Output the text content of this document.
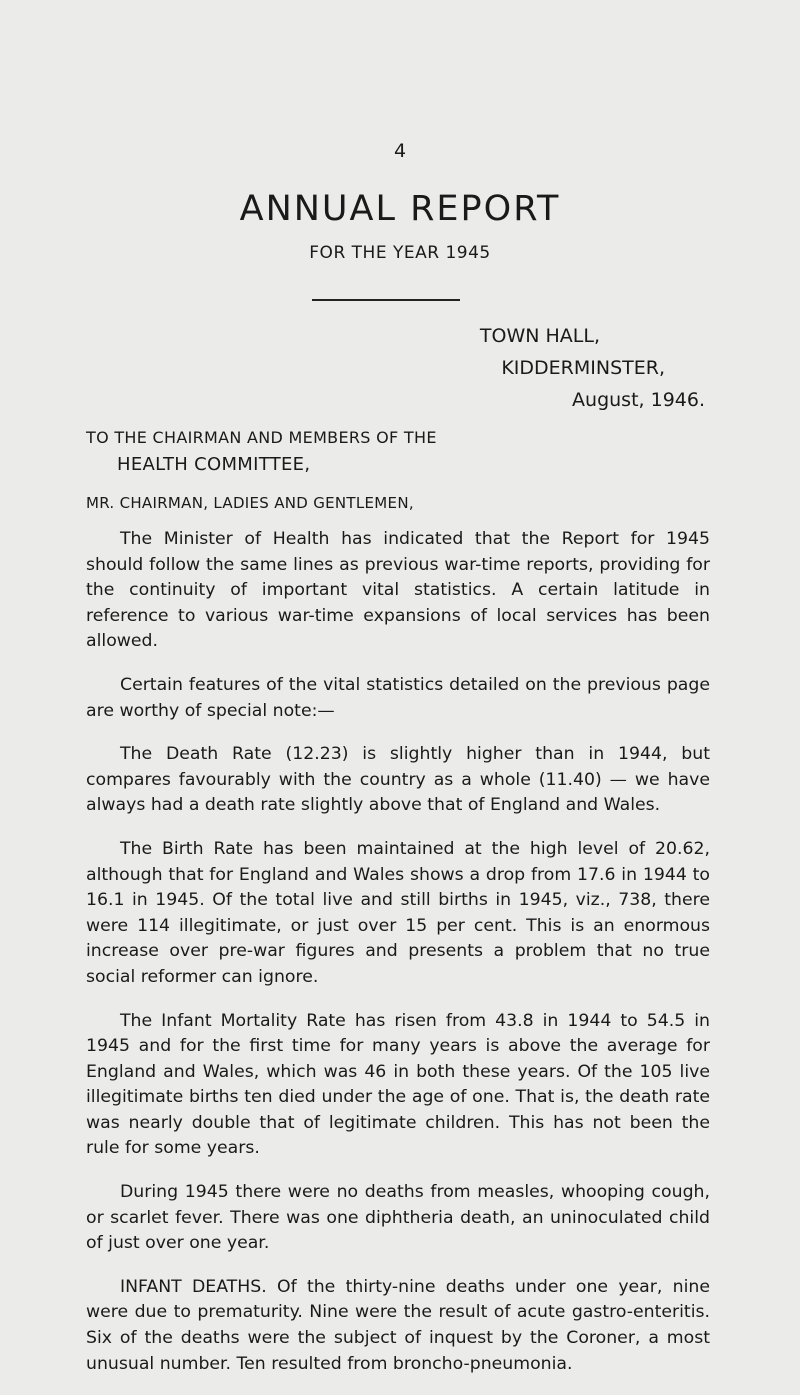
4
ANNUAL REPORT
FOR THE YEAR 1945
TOWN HALL,
KIDDERMINSTER,
August, 1946.
TO THE CHAIRMAN AND MEMBERS OF THE
HEALTH COMMITTEE,
MR. CHAIRMAN, LADIES AND GENTLEMEN,

The Minister of Health has indicated that the Report for 1945 should follow the same lines as previous war-time reports, providing for the continuity of important vital statistics. A certain latitude in reference to various war-time expansions of local services has been allowed.

Certain features of the vital statistics detailed on the previous page are worthy of special note:—

The Death Rate (12.23) is slightly higher than in 1944, but compares favourably with the country as a whole (11.40) — we have always had a death rate slightly above that of England and Wales.

The Birth Rate has been maintained at the high level of 20.62, although that for England and Wales shows a drop from 17.6 in 1944 to 16.1 in 1945. Of the total live and still births in 1945, viz., 738, there were 114 illegitimate, or just over 15 per cent. This is an enormous increase over pre-war figures and presents a problem that no true social reformer can ignore.

The Infant Mortality Rate has risen from 43.8 in 1944 to 54.5 in 1945 and for the first time for many years is above the average for England and Wales, which was 46 in both these years. Of the 105 live illegitimate births ten died under the age of one. That is, the death rate was nearly double that of legitimate children. This has not been the rule for some years.

During 1945 there were no deaths from measles, whooping cough, or scarlet fever. There was one diphtheria death, an uninoculated child of just over one year.

INFANT DEATHS. Of the thirty-nine deaths under one year, nine were due to prematurity. Nine were the result of acute gastro-enteritis. Six of the deaths were the subject of inquest by the Coroner, a most unusual number. Ten resulted from broncho-pneumonia.
